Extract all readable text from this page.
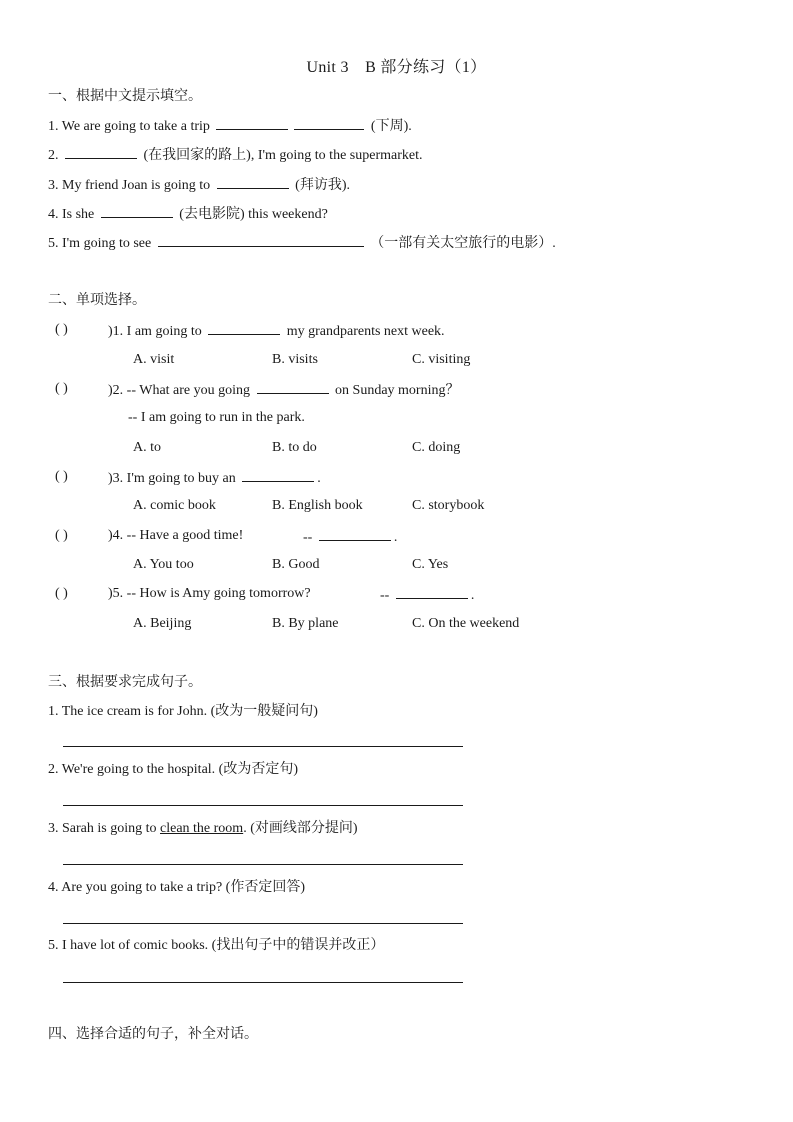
Unit 3　B 部分练习（1）
一、根据中文提示填空。
1. We are going to take a trip	(下周).
2.	(在我回家的路上), I'm going to the supermarket.
3. My friend Joan is going to	(拜访我).
4. Is she	(去电影院) this weekend?
5. I'm going to see	（一部有关太空旅行的电影）.
二、单项选择。
( )	)1. I am going to	my grandparents next week.
A. visit	B. visits	C. visiting
( )	)2. -- What are you going	on Sunday morning？
-- I am going to run in the park.
A. to	B. to do	C. doing
( )	)3. I'm going to buy an	.
A. comic book	B. English book	C. storybook
( )	)4. -- Have a good time!	--	.
A. You too	B. Good	C. Yes
( )	)5. -- How is Amy going tomorrow?	--	.
A. Beijing	B. By plane	C. On the weekend
三、根据要求完成句子。
1. The ice cream is for John. (改为一般疑问句)
2. We're going to the hospital. (改为否定句)
3. Sarah is going to clean the room. (对画线部分提问)
4. Are you going to take a trip? (作否定回答)
5. I have lot of comic books. (找出句子中的错误并改正）
四、选择合适的句子，补全对话。
